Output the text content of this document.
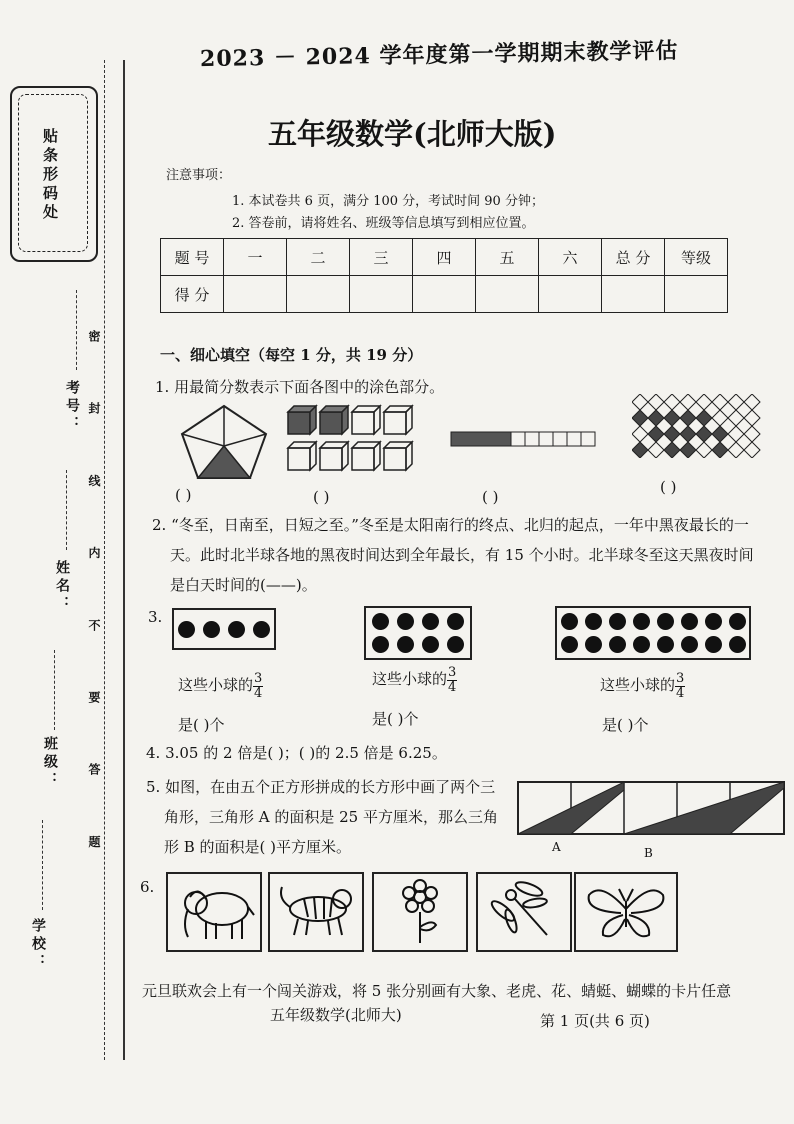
贴条形码处
考号：
姓名：
班级：
学校：
密 封 线 内 不 要 答 题
2023 － 2024 学年度第一学期期末教学评估
五年级数学(北师大版)
注意事项：
1. 本试卷共 6 页，满分 100 分，考试时间 90 分钟；
2. 答卷前，请将姓名、班级等信息填写到相应位置。
题 号	一	二	三	四	五	六	总 分	等级
得 分								
一、细心填空（每空 1 分，共 19 分）
1. 用最简分数表示下面各图中的涂色部分。
( )	( )	( )
( )
2. “冬至，日南至，日短之至。”冬至是太阳南行的终点、北归的起点，一年中黑夜最长的一
天。此时北半球各地的黑夜时间达到全年最长，有 15 个小时。北半球冬至这天黑夜时间
是白天时间的(——)。
3.
这些小球的 $\frac{3}{4}$	这些小球的 $\frac{3}{4}$	这些小球的 $\frac{3}{4}$
是( )个	是( )个	是( )个
4. 3.05 的 2 倍是( )；( )的 2.5 倍是 6.25。
5. 如图，在由五个正方形拼成的长方形中画了两个三
角形，三角形 A 的面积是 25 平方厘米，那么三角
形 B 的面积是( )平方厘米。	A	B
6.
元旦联欢会上有一个闯关游戏，将 5 张分别画有大象、老虎、花、蜻蜓、蝴蝶的卡片任意
五年级数学(北师大)	第 1 页(共 6 页)
